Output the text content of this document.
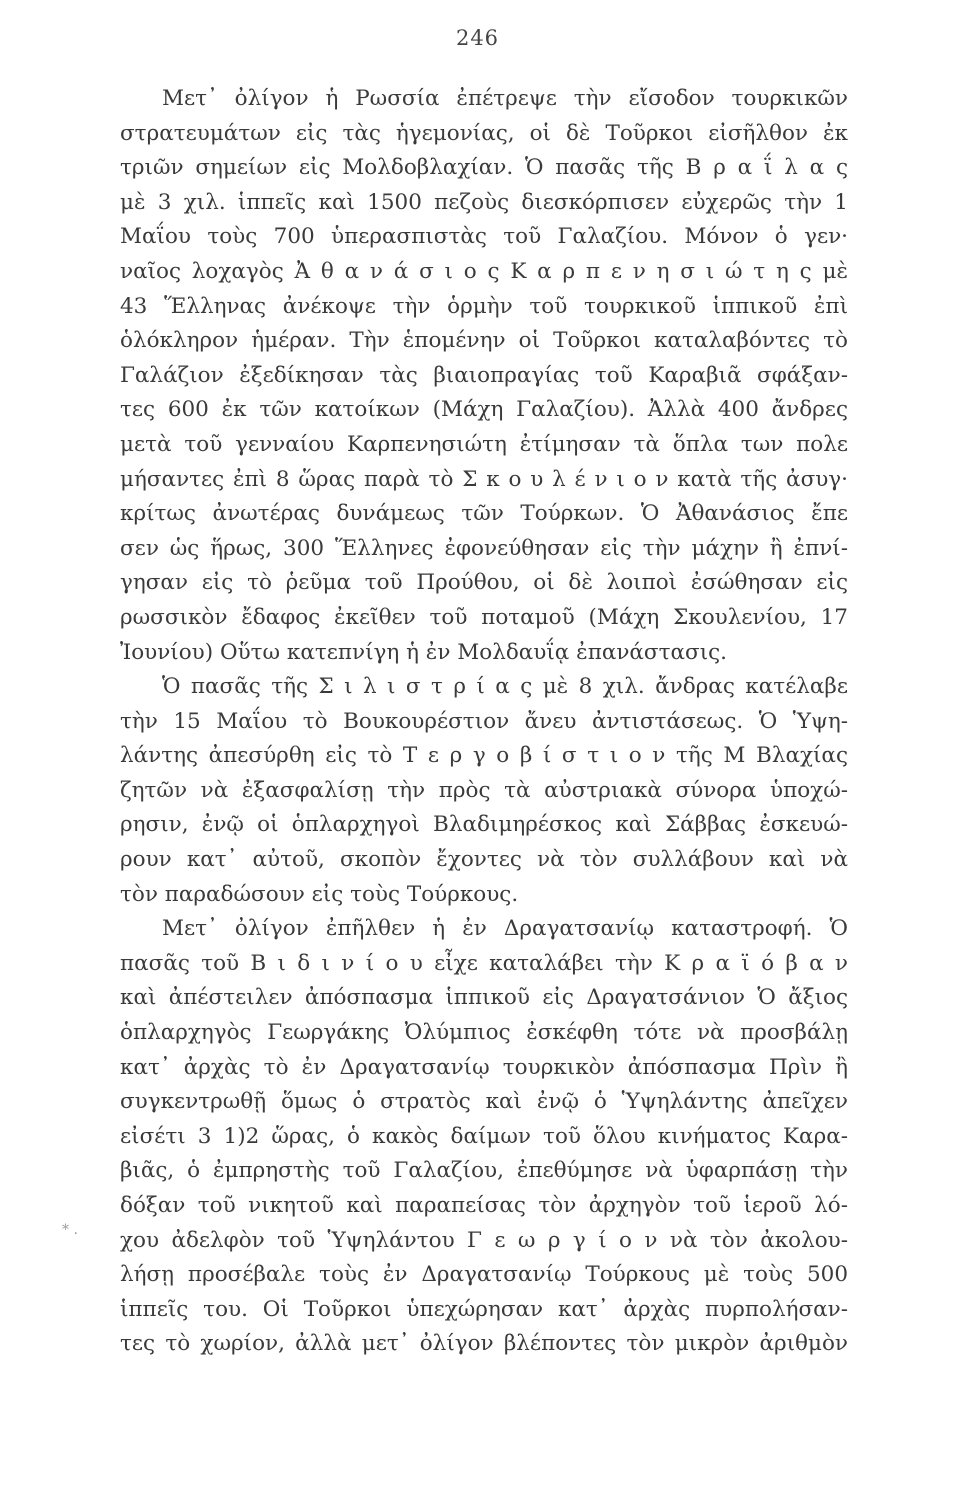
246
* .
Μετ᾽ ὀλίγον ἡ Ρωσσία ἐπέτρεψε τὴν εἴσοδον τουρκικῶν
στρατευμάτων εἰς τὰς ἡγεμονίας, οἱ δὲ Τοῦρκοι εἰσῆλθον ἐκ
τριῶν σημείων εἰς Μολδοβλαχίαν. Ὁ πασᾶς τῆς Β ρ α ΐ λ α ς
μὲ 3 χιλ. ἱππεῖς καὶ 1500 πεζοὺς διεσκόρπισεν εὐχερῶς τὴν 1
Μαΐου τοὺς 700 ὑπερασπιστὰς τοῦ Γαλαζίου. Μόνον ὁ γεν·
ναῖος λοχαγὸς Ἀ θ α ν ά σ ι ο ς Κ α ρ π ε ν η σ ι ώ τ η ς μὲ
43 Ἕλληνας ἀνέκοψε τὴν ὁρμὴν τοῦ τουρκικοῦ ἱππικοῦ ἐπὶ
ὁλόκληρον ἡμέραν. Τὴν ἑπομένην οἱ Τοῦρκοι καταλαβόντες τὸ
Γαλάζιον ἐξεδίκησαν τὰς βιαιοπραγίας τοῦ Καραβιᾶ σφάξαν-
τες 600 ἐκ τῶν κατοίκων (Μάχη Γαλαζίου). Ἀλλὰ 400 ἄνδρες
μετὰ τοῦ γενναίου Καρπενησιώτη ἐτίμησαν τὰ ὅπλα των πολε
μήσαντες ἐπὶ 8 ὥρας παρὰ τὸ Σ κ ο υ λ έ ν ι ο ν κατὰ τῆς ἀσυγ·
κρίτως ἀνωτέρας δυνάμεως τῶν Τούρκων. Ὁ Ἀθανάσιος ἔπε
σεν ὡς ἥρως, 300 Ἕλληνες ἐφονεύθησαν εἰς τὴν μάχην ἢ ἐπνί-
γησαν εἰς τὸ ῥεῦμα τοῦ Προύθου, οἱ δὲ λοιποὶ ἐσώθησαν εἰς
ρωσσικὸν ἔδαφος ἐκεῖθεν τοῦ ποταμοῦ (Μάχη Σκουλενίου, 17
Ἰουνίου) Οὕτω κατεπνίγη ἡ ἐν Μολδαυΐᾳ ἐπανάστασις.
Ὁ πασᾶς τῆς Σ ι λ ι σ τ ρ ί α ς μὲ 8 χιλ. ἄνδρας κατέλαβε
τὴν 15 Μαΐου τὸ Βουκουρέστιον ἄνευ ἀντιστάσεως. Ὁ Ὑψη-
λάντης ἀπεσύρθη εἰς τὸ Τ ε ρ γ ο β ί σ τ ι ο ν τῆς Μ Βλαχίας
ζητῶν νὰ ἐξασφαλίσῃ τὴν πρὸς τὰ αὐστριακὰ σύνορα ὑποχώ-
ρησιν, ἐνῷ οἱ ὁπλαρχηγοὶ Βλαδιμηρέσκος καὶ Σάββας ἐσκευώ-
ρουν κατ᾽ αὐτοῦ, σκοπὸν ἔχοντες νὰ τὸν συλλάβουν καὶ νὰ
τὸν παραδώσουν εἰς τοὺς Τούρκους.
Μετ᾽ ὀλίγον ἐπῆλθεν ἡ ἐν Δραγατσανίῳ καταστροφή. Ὁ
πασᾶς τοῦ Β ι δ ι ν ί ο υ εἶχε καταλάβει τὴν Κ ρ α ϊ ό β α ν
καὶ ἀπέστειλεν ἀπόσπασμα ἱππικοῦ εἰς Δραγατσάνιον Ὁ ἄξιος
ὁπλαρχηγὸς Γεωργάκης Ὀλύμπιος ἐσκέφθη τότε νὰ προσβάλῃ
κατ᾽ ἀρχὰς τὸ ἐν Δραγατσανίῳ τουρκικὸν ἀπόσπασμα Πρὶν ἢ
συγκεντρωθῇ ὅμως ὁ στρατὸς καὶ ἐνῷ ὁ Ὑψηλάντης ἀπεῖχεν
εἰσέτι 3 1)2 ὥρας, ὁ κακὸς δαίμων τοῦ ὅλου κινήματος Καρα-
βιᾶς, ὁ ἐμπρηστὴς τοῦ Γαλαζίου, ἐπεθύμησε νὰ ὑφαρπάσῃ τὴν
δόξαν τοῦ νικητοῦ καὶ παραπείσας τὸν ἀρχηγὸν τοῦ ἱεροῦ λό-
χου ἀδελφὸν τοῦ Ὑψηλάντου Γ ε ω ρ γ ί ο ν νὰ τὸν ἀκολου-
λήσῃ προσέβαλε τοὺς ἐν Δραγατσανίῳ Τούρκους μὲ τοὺς 500
ἱππεῖς του. Οἱ Τοῦρκοι ὑπεχώρησαν κατ᾽ ἀρχὰς πυρπολήσαν-
τες τὸ χωρίον, ἀλλὰ μετ᾽ ὀλίγον βλέποντες τὸν μικρὸν ἀριθμὸν
